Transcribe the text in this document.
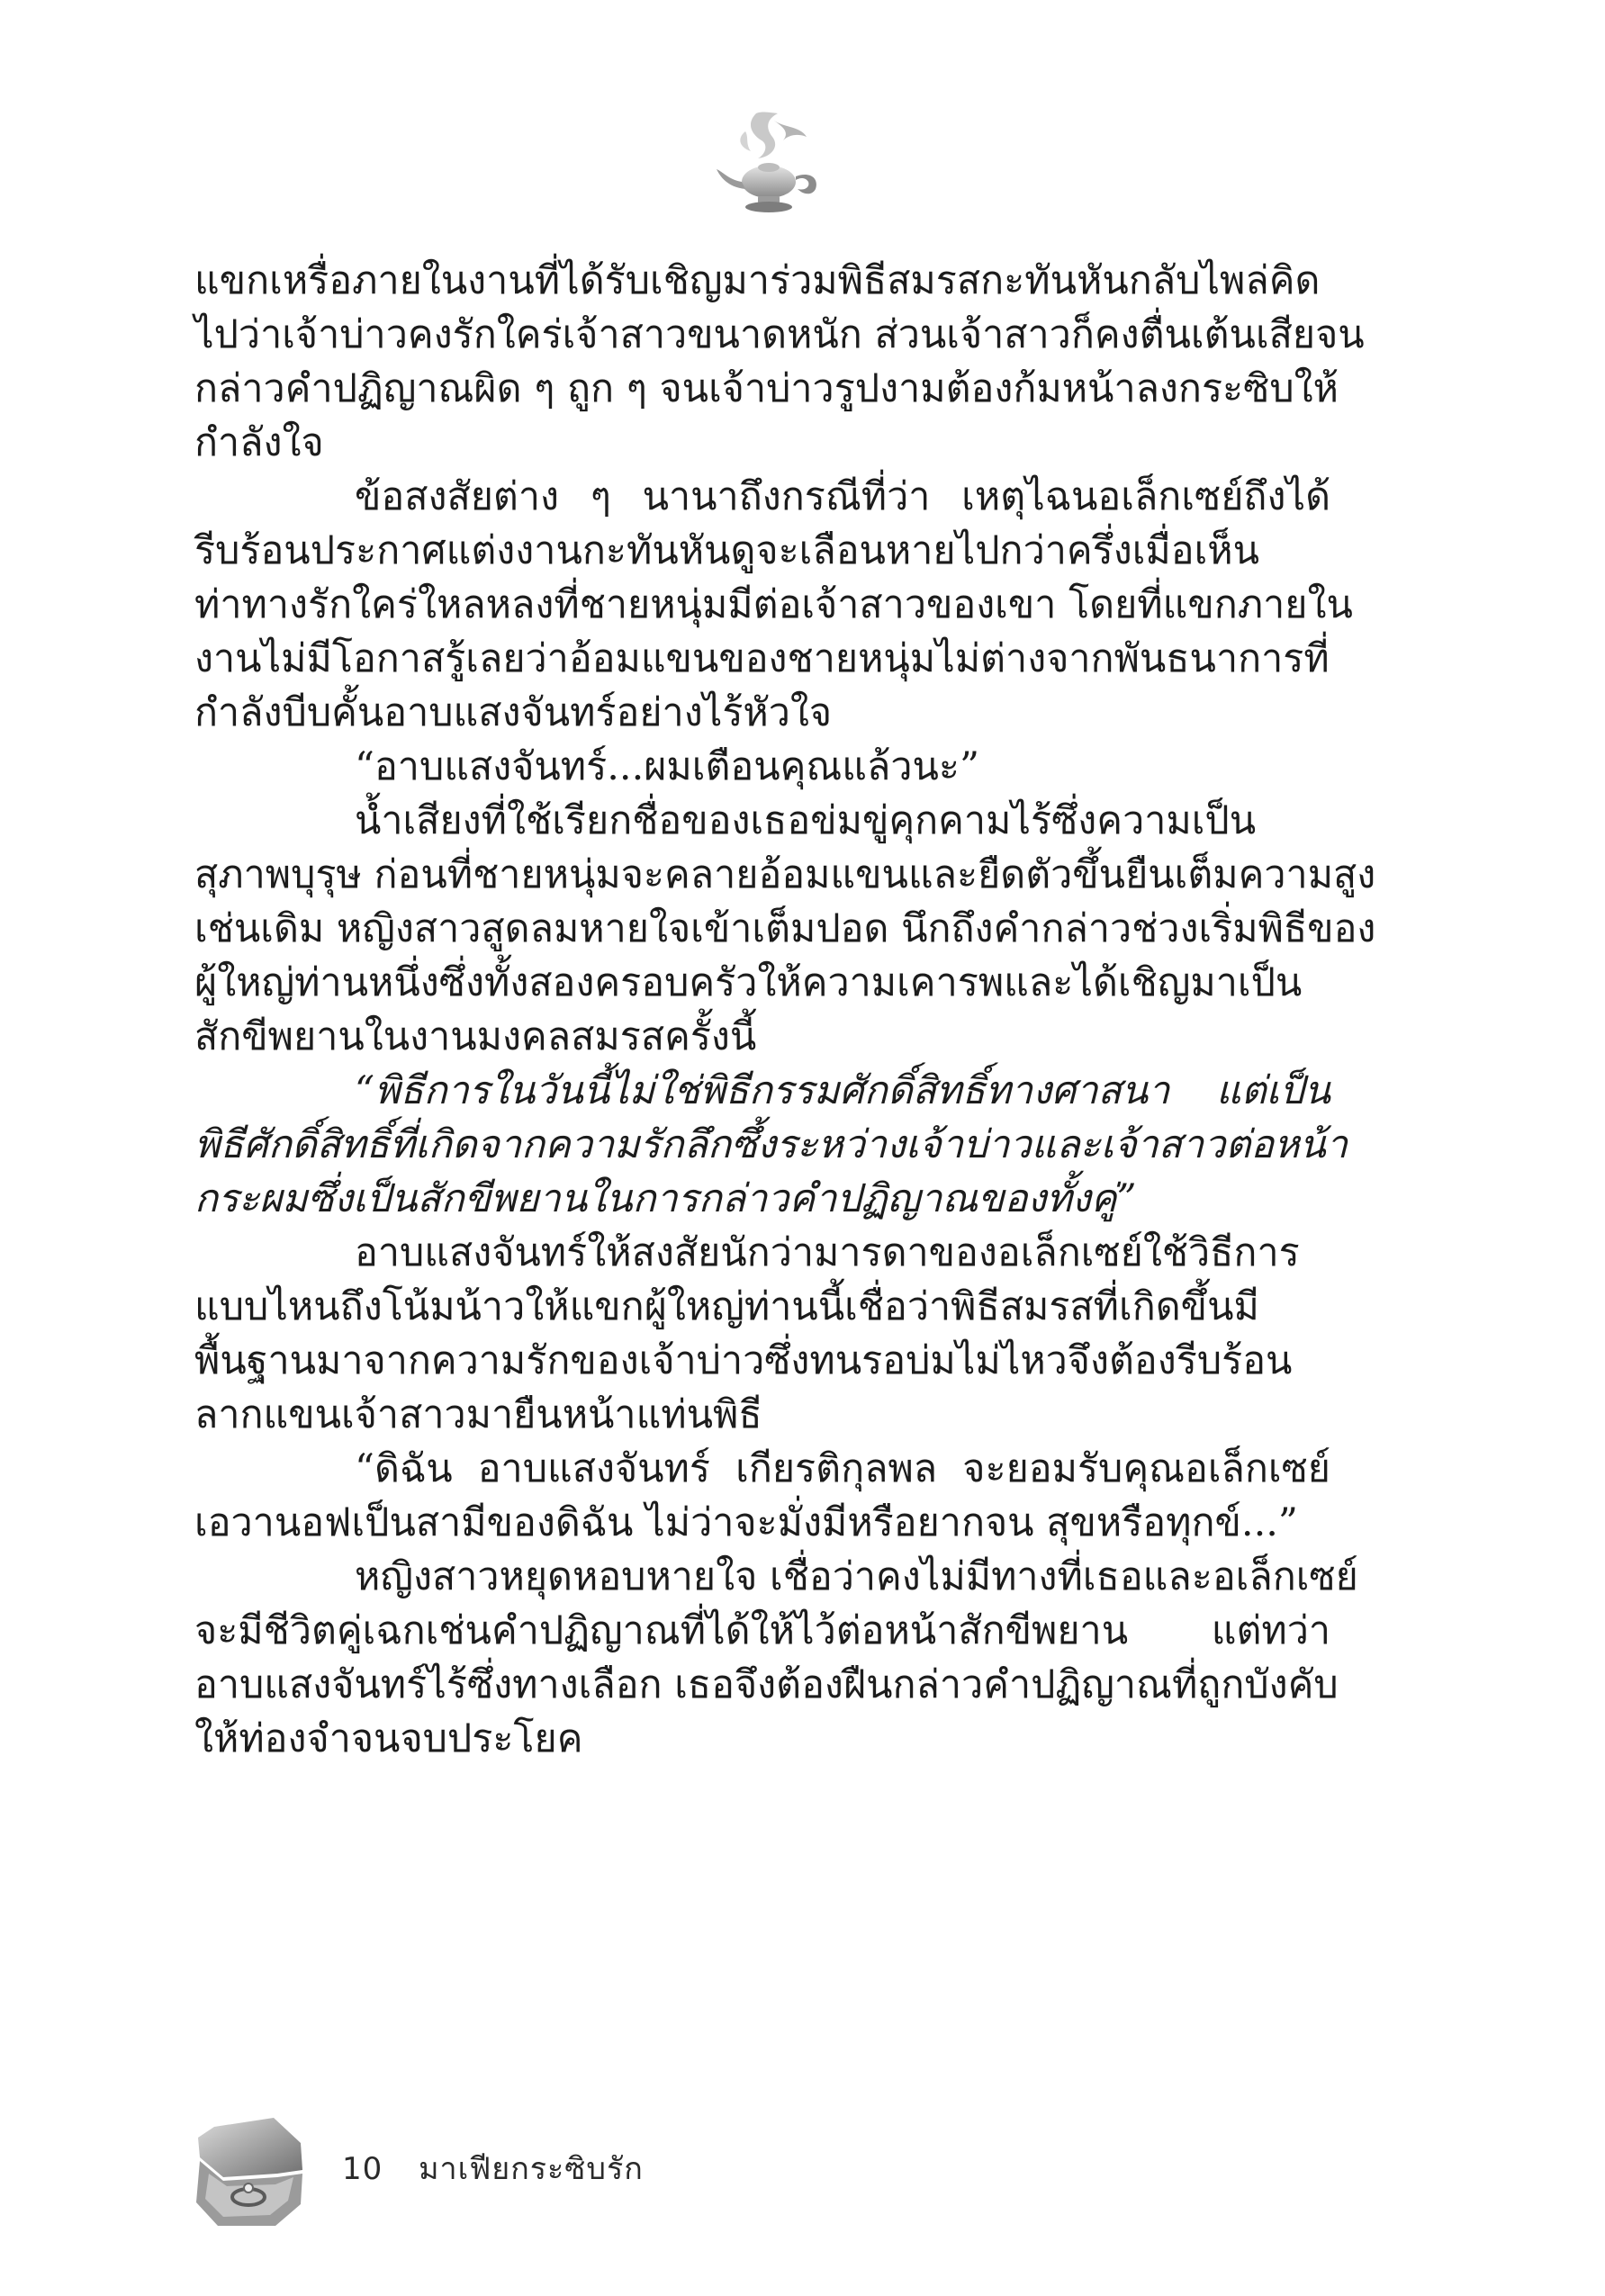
แขกเหรื่อภายในงานที่ได้รับเชิญมาร่วมพิธีสมรสกะทันหันกลับไพล่คิด
ไปว่าเจ้าบ่าวคงรักใคร่เจ้าสาวขนาดหนัก ส่วนเจ้าสาวก็คงตื่นเต้นเสียจน
กล่าวคำปฏิญาณผิด ๆ ถูก ๆ จนเจ้าบ่าวรูปงามต้องก้มหน้าลงกระซิบให้
กำลังใจ
ข้อสงสัยต่าง ๆ นานาถึงกรณีที่ว่า เหตุไฉนอเล็กเซย์ถึงได้
รีบร้อนประกาศแต่งงานกะทันหันดูจะเลือนหายไปกว่าครึ่งเมื่อเห็น
ท่าทางรักใคร่ใหลหลงที่ชายหนุ่มมีต่อเจ้าสาวของเขา โดยที่แขกภายใน
งานไม่มีโอกาสรู้เลยว่าอ้อมแขนของชายหนุ่มไม่ต่างจากพันธนาการที่
กำลังบีบคั้นอาบแสงจันทร์อย่างไร้หัวใจ
“อาบแสงจันทร์...ผมเตือนคุณแล้วนะ”
น้ำเสียงที่ใช้เรียกชื่อของเธอข่มขู่คุกคามไร้ซึ่งความเป็น
สุภาพบุรุษ ก่อนที่ชายหนุ่มจะคลายอ้อมแขนและยืดตัวขึ้นยืนเต็มความสูง
เช่นเดิม หญิงสาวสูดลมหายใจเข้าเต็มปอด นึกถึงคำกล่าวช่วงเริ่มพิธีของ
ผู้ใหญ่ท่านหนึ่งซึ่งทั้งสองครอบครัวให้ความเคารพและได้เชิญมาเป็น
สักขีพยานในงานมงคลสมรสครั้งนี้
“พิธีการในวันนี้ไม่ใช่พิธีกรรมศักดิ์สิทธิ์ทางศาสนา แต่เป็น
พิธีศักดิ์สิทธิ์ที่เกิดจากความรักลึกซึ้งระหว่างเจ้าบ่าวและเจ้าสาวต่อหน้า
กระผมซึ่งเป็นสักขีพยานในการกล่าวคำปฏิญาณของทั้งคู่”
อาบแสงจันทร์ให้สงสัยนักว่ามารดาของอเล็กเซย์ใช้วิธีการ
แบบไหนถึงโน้มน้าวให้แขกผู้ใหญ่ท่านนี้เชื่อว่าพิธีสมรสที่เกิดขึ้นมี
พื้นฐานมาจากความรักของเจ้าบ่าวซึ่งทนรอบ่มไม่ไหวจึงต้องรีบร้อน
ลากแขนเจ้าสาวมายืนหน้าแท่นพิธี
“ดิฉัน อาบแสงจันทร์ เกียรติกุลพล จะยอมรับคุณอเล็กเซย์
เอวานอฟเป็นสามีของดิฉัน ไม่ว่าจะมั่งมีหรือยากจน สุขหรือทุกข์...”
หญิงสาวหยุดหอบหายใจ เชื่อว่าคงไม่มีทางที่เธอและอเล็กเซย์
จะมีชีวิตคู่เฉกเช่นคำปฏิญาณที่ได้ให้ไว้ต่อหน้าสักขีพยาน แต่ทว่า
อาบแสงจันทร์ไร้ซึ่งทางเลือก เธอจึงต้องฝืนกล่าวคำปฏิญาณที่ถูกบังคับ
ให้ท่องจำจนจบประโยค
10 มาเฟียกระซิบรัก
